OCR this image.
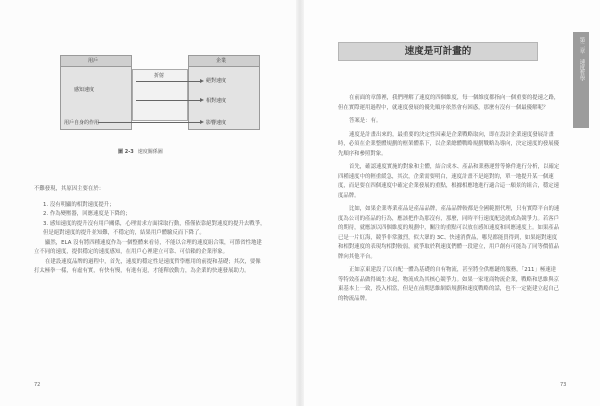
用戶	企業
感知速度
用戶自身的作用
折射
絕對速度
相對速度
影響速度
圖 2-3 速度關係圖

不難發現，其原因主要在於：

1. 沒有明顯的相對速度提升；

2. 作為變壓器，回應速度是下降的；

3. 感知速度的提升沒有用戶關係，心理需求方面採取行動，僅僅依靠絕對速度的提升去戰爭，但是絕對速度的提升並知難，不穩定的，結果用戶體驗反而下降了。

顯然，ELA 沒有將四種速度作為一個整體來看待，不能以合理的速度組合策，可節省性地建立不同的速度，提供穩定的速度感知，在用戶心裡建立可靠、可信賴的企業形象。

在建設速度品牌的過程中，首先，速度的穩定性是速度哲學應用的前提和基礎；其次，要像打太極拳一樣，有虛有實，有快有慢，有進有退，才能釋放動力，為企業的快速發展助力。

72
第二章　速度哲學
速度是可計畫的

在前面的章節裡，我們理解了速度的四個維度，每一個維度都指向一個重要的提速之路，但在實際運用過程中，就速度發展的優先順序依然會有困惑，那麼有沒有一個最優解呢？

答案是：有。

速度是計畫出來的，最重要的決定性因素是企業戰略取向，即在設計企業速度發展計畫時，必須在企業整體規劃的框架體系下，以企業總體戰略規劃戰略為導向，決定速度的發展優先順序和參照對象。

首先，確認速度實施的對象和主體，結合成本、產品和業務運營等條件進行分析，以確定四種速度中的輕重緩急，其次，企業需要明白，速度計畫不是絕對的，單一地提升某一個速度，而是要在四個速度中確定企業發展的重點，根據相應地進行適合這一願景的組合，穩定速度品牌。

比如，如果企業專業產品是產品品牌，產品品牌較都是全國範圍代理，只有實際平台的速度為公司的產品的行為，應該把作為那沒有，那麼，同時平行速度配送就成為競爭力。若客戶的期待，就應該以四個維度的規劃中，關注的重點可以放在感知速度和回應速度上。如果產品已是一片紅海，競爭非常激烈，似大眾的 3C、快速消費品，哪兒都能買得到，如果絕對速度和相對速度的表現均相對較弱，就爭取於利速度們體一段建立，用戶創有可能為了同等價值品牌向其他平台。

正如京東建設了以自配一體為基礎的自有物流，甚至將全供應鏈的服務，「211」極速達等特效產品做得風生水起，物流成為其核心競爭力。如果一家電商物流企業，戰略和思維與京東基本上一致，投入相當，但是在前期思維網絡規劃和速度戰略的話，也不一定能建立起自己的物流品牌。

73
